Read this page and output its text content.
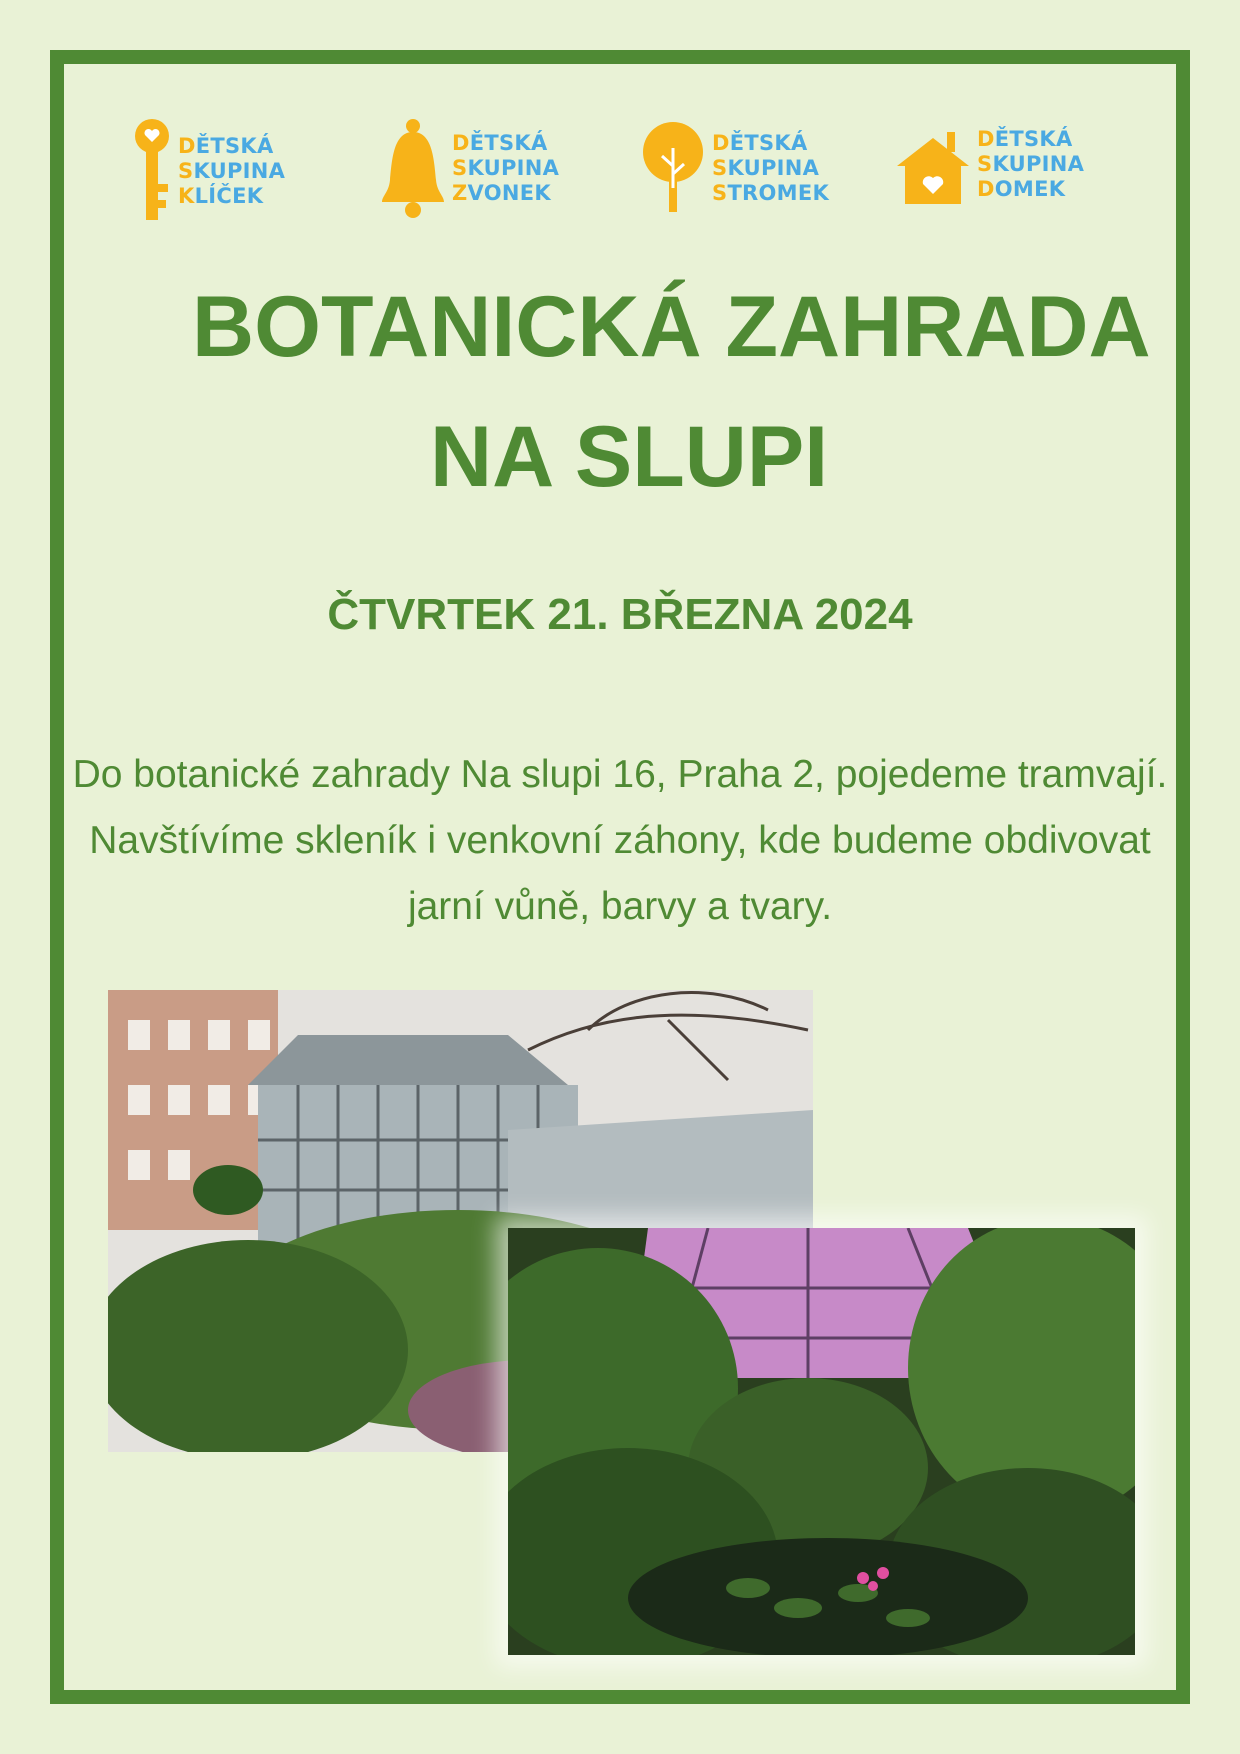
DĚTSKÁ
SKUPINA
KLÍČEK
DĚTSKÁ
SKUPINA
ZVONEK
DĚTSKÁ
SKUPINA
STROMEK
DĚTSKÁ
SKUPINA
DOMEK
BOTANICKÁ ZAHRADA
NA SLUPI
ČTVRTEK 21. BŘEZNA 2024

Do botanické zahrady Na slupi 16, Praha 2, pojedeme tramvají. Navštívíme skleník i venkovní záhony, kde budeme obdivovat jarní vůně, barvy a tvary.
